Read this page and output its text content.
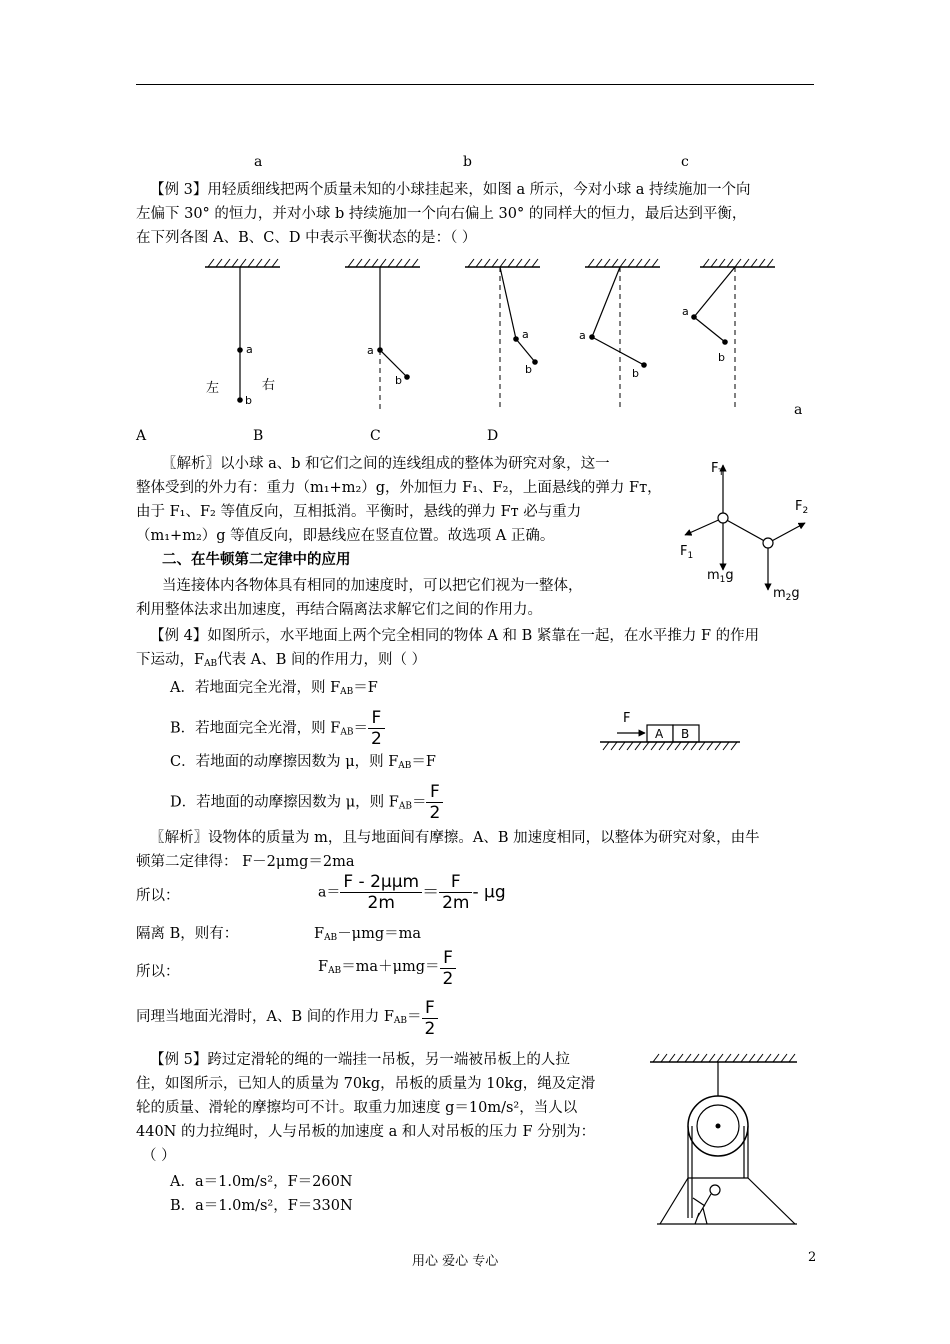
a	b	c
【例 3】用轻质细线把两个质量未知的小球挂起来，如图 a 所示，今对小球 a 持续施加一个向
左偏下 30° 的恒力，并对小球 b 持续施加一个向右偏上 30° 的同样大的恒力，最后达到平衡，
在下列各图 A、B、C、D 中表示平衡状态的是：（ ）
a
b
左	右
a
b
a
b
a
b
a
b
a
A	B	C	D
〖解析〗以小球 a、b 和它们之间的连线组成的整体为研究对象，这一
整体受到的外力有：重力（m₁+m₂）g，外加恒力 F₁、F₂，上面悬线的弹力 Fᴛ，
由于 F₁、F₂ 等值反向，互相抵消。平衡时，悬线的弹力 Fᴛ 必与重力
（m₁+m₂）g 等值反向，即悬线应在竖直位置。故选项 A 正确。
$F_T$
$F_2$
$F_1$
$m_1g$
$m_2g$
二、在牛顿第二定律中的应用
当连接体内各物体具有相同的加速度时，可以把它们视为一整体，
利用整体法求出加速度，再结合隔离法求解它们之间的作用力。
【例 4】如图所示，水平地面上两个完全相同的物体 A 和 B 紧靠在一起，在水平推力 F 的作用
下运动，$F_{AB}$代表 A、B 间的作用力，则（ ）
A．若地面完全光滑，则 $F_{AB}=F$
B．若地面完全光滑，则 $F_{AB}= \frac{F}{2}$
C．若地面的动摩擦因数为 μ，则 $F_{AB}=F$
D．若地面的动摩擦因数为 μ，则 $F_{AB}= \frac{F}{2}$
F
A B
〖解析〗设物体的质量为 m，且与地面间有摩擦。A、B 加速度相同，以整体为研究对象，由牛
顿第二定律得： F－2μmg＝2ma
所以：	$a= \frac{\text{F - 2μμm}}{2m} = \frac{F}{2m} - \mu g$
隔离 B，则有：	$F_{AB}-\mu mg=ma$
所以：	$F_{AB}=ma+\mu mg= \frac{F}{2}$
同理当地面光滑时，A、B 间的作用力 $F_{AB}= \frac{F}{2}$
【例 5】跨过定滑轮的绳的一端挂一吊板，另一端被吊板上的人拉
住，如图所示，已知人的质量为 70kg，吊板的质量为 10kg，绳及定滑
轮的质量、滑轮的摩擦均可不计。取重力加速度 g＝10m/s²，当人以
440N 的力拉绳时，人与吊板的加速度 a 和人对吊板的压力 F 分别为：
（ ）
A．a＝1.0m/s²，F＝260N
B．a＝1.0m/s²，F＝330N
用心 爱心 专心	2
